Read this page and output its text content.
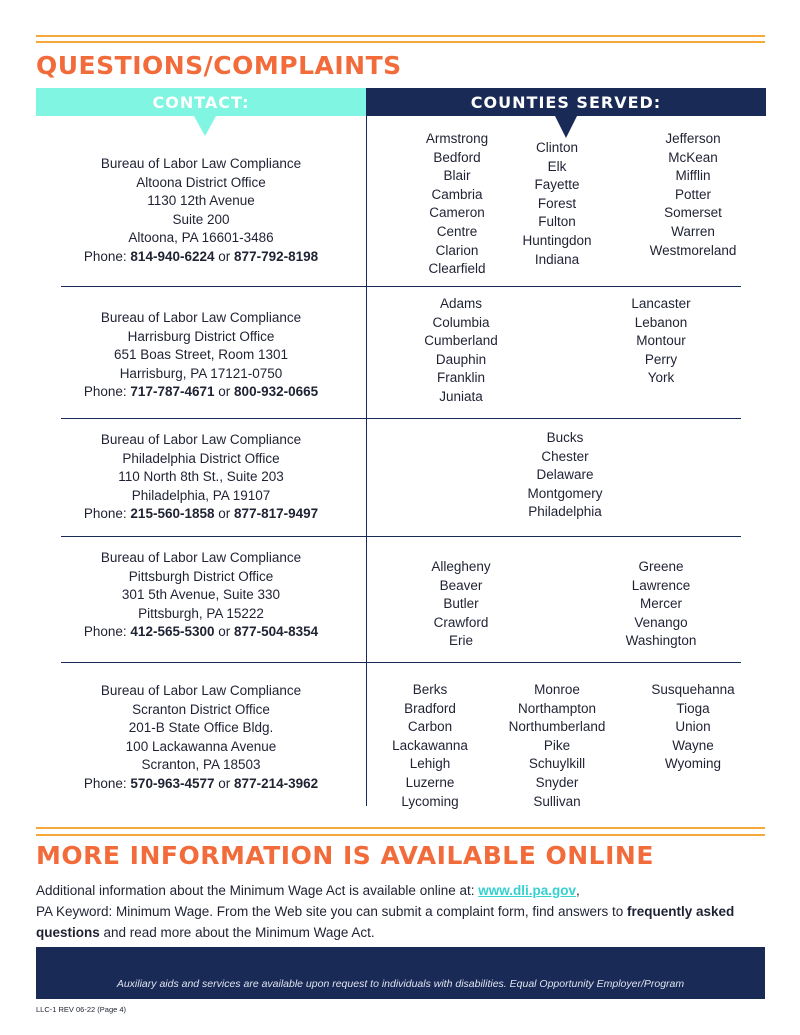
QUESTIONS/COMPLAINTS
CONTACT:	COUNTIES SERVED:
Bureau of Labor Law Compliance
Altoona District Office
1130 12th Avenue
Suite 200
Altoona, PA 16601-3486
Phone: 814-940-6224 or 877-792-8198
Armstrong
Bedford
Blair
Cambria
Cameron
Centre
Clarion
Clearfield
Clinton
Elk
Fayette
Forest
Fulton
Huntingdon
Indiana
Jefferson
McKean
Mifflin
Potter
Somerset
Warren
Westmoreland
Bureau of Labor Law Compliance
Harrisburg District Office
651 Boas Street, Room 1301
Harrisburg, PA 17121-0750
Phone: 717-787-4671 or 800-932-0665
Adams
Columbia
Cumberland
Dauphin
Franklin
Juniata
Lancaster
Lebanon
Montour
Perry
York
Bureau of Labor Law Compliance
Philadelphia District Office
110 North 8th St., Suite 203
Philadelphia, PA 19107
Phone: 215-560-1858 or 877-817-9497
Bucks
Chester
Delaware
Montgomery
Philadelphia
Bureau of Labor Law Compliance
Pittsburgh District Office
301 5th Avenue, Suite 330
Pittsburgh, PA 15222
Phone: 412-565-5300 or 877-504-8354
Allegheny
Beaver
Butler
Crawford
Erie
Greene
Lawrence
Mercer
Venango
Washington
Bureau of Labor Law Compliance
Scranton District Office
201-B State Office Bldg.
100 Lackawanna Avenue
Scranton, PA 18503
Phone: 570-963-4577 or 877-214-3962
Berks
Bradford
Carbon
Lackawanna
Lehigh
Luzerne
Lycoming
Monroe
Northampton
Northumberland
Pike
Schuylkill
Snyder
Sullivan
Susquehanna
Tioga
Union
Wayne
Wyoming
MORE INFORMATION IS AVAILABLE ONLINE

Additional information about the Minimum Wage Act is available online at: www.dli.pa.gov,
PA Keyword: Minimum Wage. From the Web site you can submit a complaint form, find answers to frequently asked questions and read more about the Minimum Wage Act.

Auxiliary aids and services are available upon request to individuals with disabilities. Equal Opportunity Employer/Program
LLC-1 REV 06-22 (Page 4)
